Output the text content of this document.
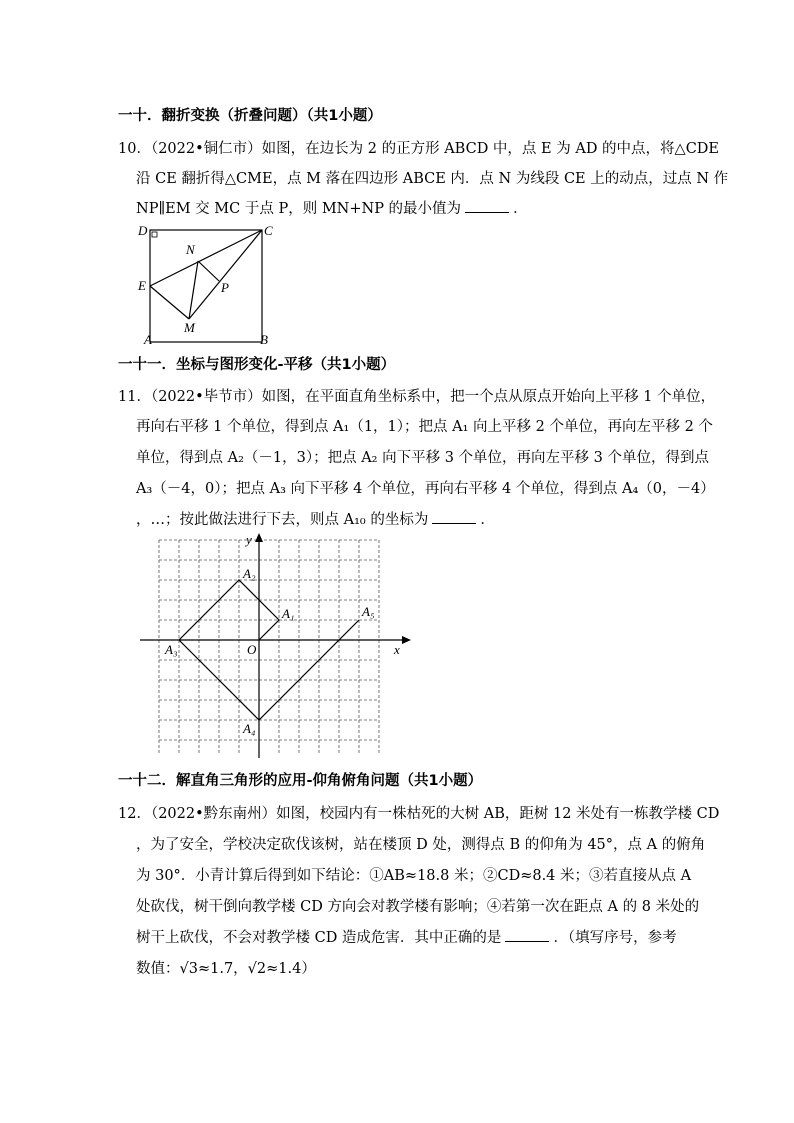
一十．翻折变换（折叠问题）（共1小题）
10．（2022•铜仁市）如图，在边长为 2 的正方形 ABCD 中，点 E 为 AD 的中点，将△CDE
沿 CE 翻折得△CME，点 M 落在四边形 ABCE 内．点 N 为线段 CE 上的动点，过点 N 作
NP∥EM 交 MC 于点 P，则 MN+NP 的最小值为	．
D	C
N
E	P
M
A	B
一十一．坐标与图形变化-平移（共1小题）
11．（2022•毕节市）如图，在平面直角坐标系中，把一个点从原点开始向上平移 1 个单位，
再向右平移 1 个单位，得到点 A₁（1，1）；把点 A₁ 向上平移 2 个单位，再向左平移 2 个
单位，得到点 A₂（－1，3）；把点 A₂ 向下平移 3 个单位，再向左平移 3 个单位，得到点
A₃（－4，0）；把点 A₃ 向下平移 4 个单位，再向右平移 4 个单位，得到点 A₄（0，－4）
，…；按此做法进行下去，则点 A₁₀ 的坐标为	．
y
x
O
A₁
A₂
A₃
A₄
A₅
一十二．解直角三角形的应用-仰角俯角问题（共1小题）
12．（2022•黔东南州）如图，校园内有一株枯死的大树 AB，距树 12 米处有一栋教学楼 CD
，为了安全，学校决定砍伐该树，站在楼顶 D 处，测得点 B 的仰角为 45°，点 A 的俯角
为 30°．小青计算后得到如下结论：①AB≈18.8 米；②CD≈8.4 米；③若直接从点 A
处砍伐，树干倒向教学楼 CD 方向会对教学楼有影响；④若第一次在距点 A 的 8 米处的
树干上砍伐，不会对教学楼 CD 造成危害．其中正确的是	．（填写序号，参考
数值：√3≈1.7，√2≈1.4）
